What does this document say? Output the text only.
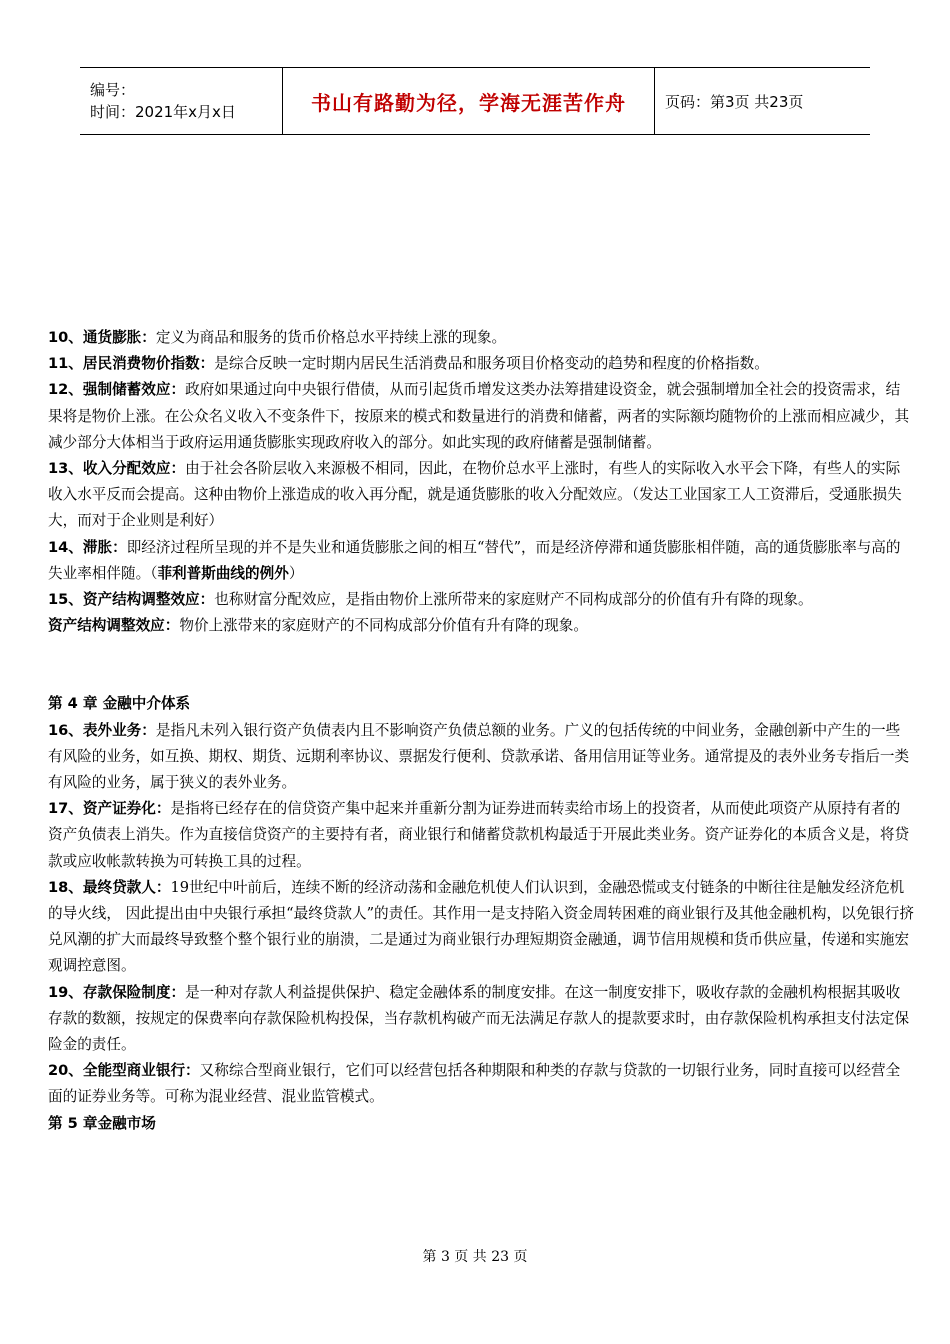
编号：
时间：2021年x月x日	书山有路勤为径，学海无涯苦作舟	页码：第3页 共23页

10、通货膨胀：定义为商品和服务的货币价格总水平持续上涨的现象。

11、居民消费物价指数：是综合反映一定时期内居民生活消费品和服务项目价格变动的趋势和程度的价格指数。

12、强制储蓄效应：政府如果通过向中央银行借债，从而引起货币增发这类办法筹措建设资金，就会强制增加全社会的投资需求，结果将是物价上涨。在公众名义收入不变条件下，按原来的模式和数量进行的消费和储蓄，两者的实际额均随物价的上涨而相应减少，其减少部分大体相当于政府运用通货膨胀实现政府收入的部分。如此实现的政府储蓄是强制储蓄。

13、收入分配效应：由于社会各阶层收入来源极不相同，因此，在物价总水平上涨时，有些人的实际收入水平会下降，有些人的实际收入水平反而会提高。这种由物价上涨造成的收入再分配，就是通货膨胀的收入分配效应。（发达工业国家工人工资滞后，受通胀损失大，而对于企业则是利好）

14、滞胀：即经济过程所呈现的并不是失业和通货膨胀之间的相互“替代”，而是经济停滞和通货膨胀相伴随，高的通货膨胀率与高的失业率相伴随。（菲利普斯曲线的例外）

15、资产结构调整效应：也称财富分配效应，是指由物价上涨所带来的家庭财产不同构成部分的价值有升有降的现象。

资产结构调整效应：物价上涨带来的家庭财产的不同构成部分价值有升有降的现象。

第 4 章 金融中介体系

16、表外业务：是指凡未列入银行资产负债表内且不影响资产负债总额的业务。广义的包括传统的中间业务，金融创新中产生的一些有风险的业务，如互换、期权、期货、远期利率协议、票据发行便利、贷款承诺、备用信用证等业务。通常提及的表外业务专指后一类有风险的业务，属于狭义的表外业务。

17、资产证券化：是指将已经存在的信贷资产集中起来并重新分割为证券进而转卖给市场上的投资者，从而使此项资产从原持有者的资产负债表上消失。作为直接信贷资产的主要持有者，商业银行和储蓄贷款机构最适于开展此类业务。资产证券化的本质含义是，将贷款或应收帐款转换为可转换工具的过程。

18、最终贷款人：19世纪中叶前后，连续不断的经济动荡和金融危机使人们认识到，金融恐慌或支付链条的中断往往是触发经济危机的导火线， 因此提出由中央银行承担“最终贷款人”的责任。其作用一是支持陷入资金周转困难的商业银行及其他金融机构，以免银行挤兑风潮的扩大而最终导致整个整个银行业的崩溃，二是通过为商业银行办理短期资金融通，调节信用规模和货币供应量，传递和实施宏观调控意图。

19、存款保险制度：是一种对存款人利益提供保护、稳定金融体系的制度安排。在这一制度安排下，吸收存款的金融机构根据其吸收存款的数额，按规定的保费率向存款保险机构投保，当存款机构破产而无法满足存款人的提款要求时，由存款保险机构承担支付法定保险金的责任。

20、全能型商业银行：又称综合型商业银行，它们可以经营包括各种期限和种类的存款与贷款的一切银行业务，同时直接可以经营全面的证券业务等。可称为混业经营、混业监管模式。

第 5 章金融市场

第 3 页 共 23 页
